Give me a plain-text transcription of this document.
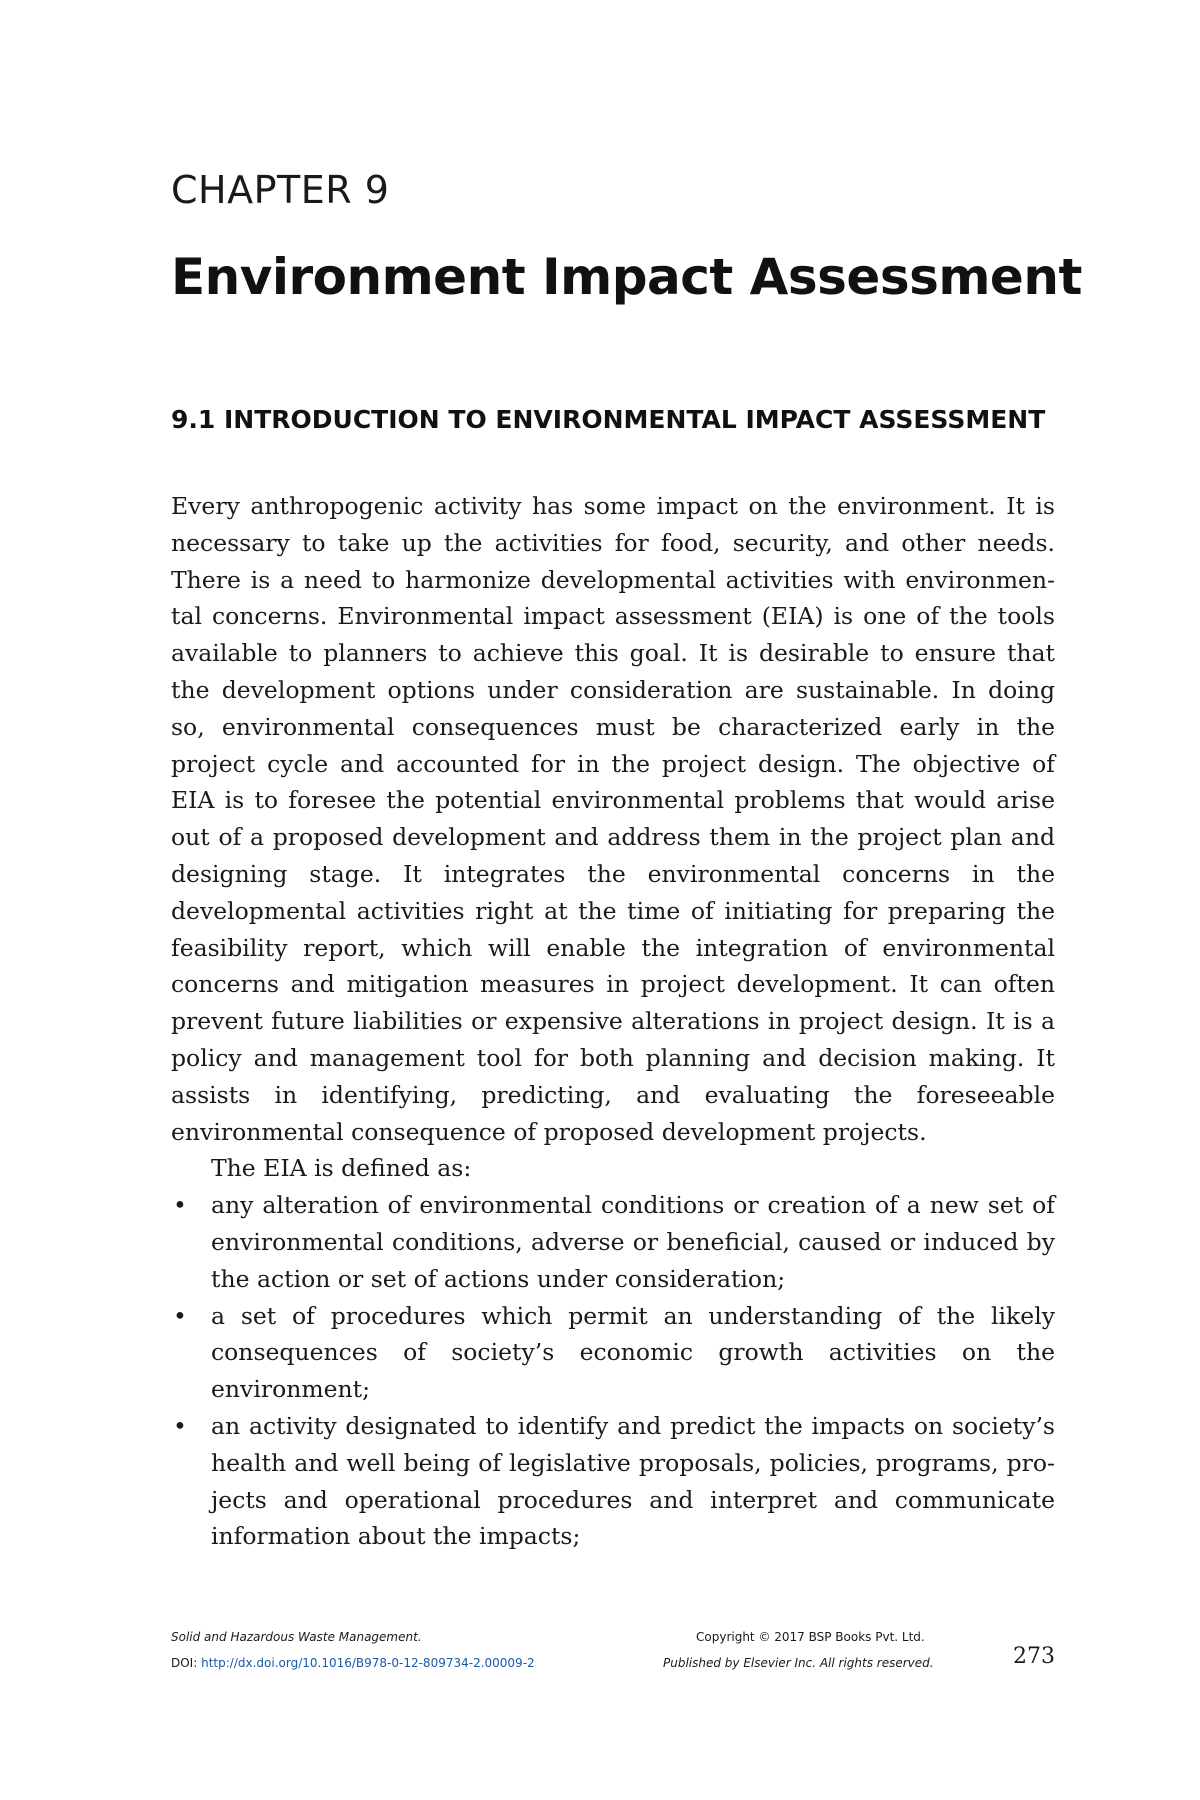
CHAPTER 9
Environment Impact Assessment
9.1 INTRODUCTION TO ENVIRONMENTAL IMPACT ASSESSMENT

Every anthropogenic activity has some impact on the environment. It is necessary to take up the activities for food, security, and other needs. There is a need to harmonize developmental activities with environmental concerns. Environmental impact assessment (EIA) is one of the tools available to planners to achieve this goal. It is desirable to ensure that the development options under consideration are sustainable. In doing so, environmental consequences must be characterized early in the project cycle and accounted for in the project design. The objective of EIA is to foresee the potential environmental problems that would arise out of a proposed development and address them in the project plan and designing stage. It integrates the environmental concerns in the developmental activities right at the time of initiating for preparing the feasibility report, which will enable the integration of environmental concerns and mitigation measures in project development. It can often prevent future liabilities or expensive alterations in project design. It is a policy and management tool for both planning and decision making. It assists in identifying, predicting, and evaluating the foreseeable environmental consequence of proposed development projects.

The EIA is defined as:

• any alteration of environmental conditions or creation of a new set of environmental conditions, adverse or beneficial, caused or induced by the action or set of actions under consideration;
• a set of procedures which permit an understanding of the likely consequences of society’s economic growth activities on the environment;
• an activity designated to identify and predict the impacts on society’s health and well being of legislative proposals, policies, programs, projects and operational procedures and interpret and communicate information about the impacts;
Solid and Hazardous Waste Management.
DOI: http://dx.doi.org/10.1016/B978-0-12-809734-2.00009-2
Copyright © 2017 BSP Books Pvt. Ltd.
Published by Elsevier Inc. All rights reserved.	273
